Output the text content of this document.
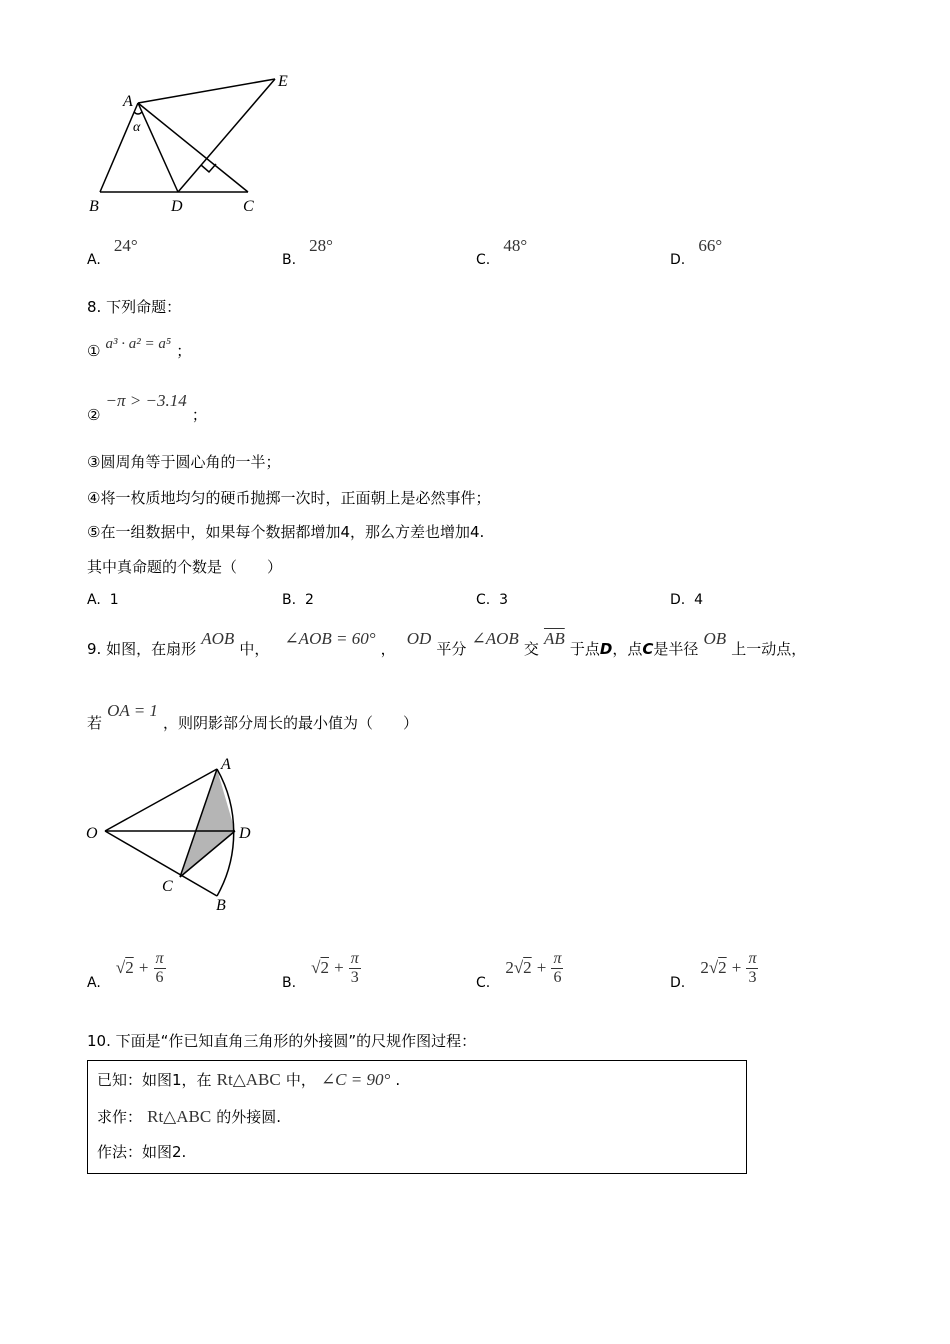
A
E
α
B	D	C
A. 24°
B. 28°
C. 48°
D. 66°
8. 下列命题：
① a³ · a² = a⁵ ；
② −π > −3.14 ；
③圆周角等于圆心角的一半；
④将一枚质地均匀的硬币抛掷一次时，正面朝上是必然事件；
⑤在一组数据中，如果每个数据都增加4，那么方差也增加4.
其中真命题的个数是（　　）
A. 1	B. 2	C. 3	D. 4
9. 如图，在扇形 AOB 中， ∠AOB = 60° ， OD 平分 ∠AOB 交 $\overline{AB}$ 于点D，点C是半径 OB 上一动点，
若 OA = 1 ，则阴影部分周长的最小值为（　　）
O
A
D
C
B
A. $√2 + \frac{\pi}{6}$	B. $√2 + \frac{\pi}{3}$	C. $2√2 + \frac{\pi}{6}$	D. $2√2 + \frac{\pi}{3}$
10. 下面是“作已知直角三角形的外接圆”的尺规作图过程：
已知：如图1，在 Rt△ABC 中， ∠C = 90° .
求作： Rt△ABC 的外接圆.
作法：如图2.
